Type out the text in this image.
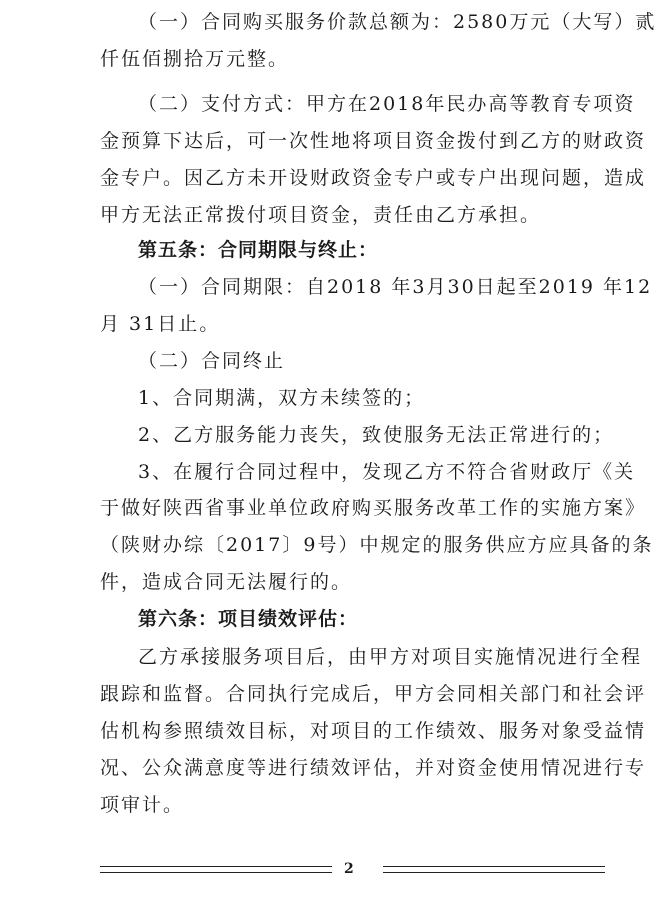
（一）合同购买服务价款总额为：2580万元（大写）贰
仟伍佰捌拾万元整。
（二）支付方式：甲方在2018年民办高等教育专项资
金预算下达后，可一次性地将项目资金拨付到乙方的财政资
金专户。因乙方未开设财政资金专户或专户出现问题，造成
甲方无法正常拨付项目资金，责任由乙方承担。
第五条：合同期限与终止：
（一）合同期限：自2018 年3月30日起至2019 年12
月 31日止。
（二）合同终止
1、合同期满，双方未续签的；
2、乙方服务能力丧失，致使服务无法正常进行的；
3、在履行合同过程中，发现乙方不符合省财政厅《关
于做好陕西省事业单位政府购买服务改革工作的实施方案》
（陕财办综〔2017〕9号）中规定的服务供应方应具备的条
件，造成合同无法履行的。
第六条：项目绩效评估：
乙方承接服务项目后，由甲方对项目实施情况进行全程
跟踪和监督。合同执行完成后，甲方会同相关部门和社会评
估机构参照绩效目标，对项目的工作绩效、服务对象受益情
况、公众满意度等进行绩效评估，并对资金使用情况进行专
项审计。
2
